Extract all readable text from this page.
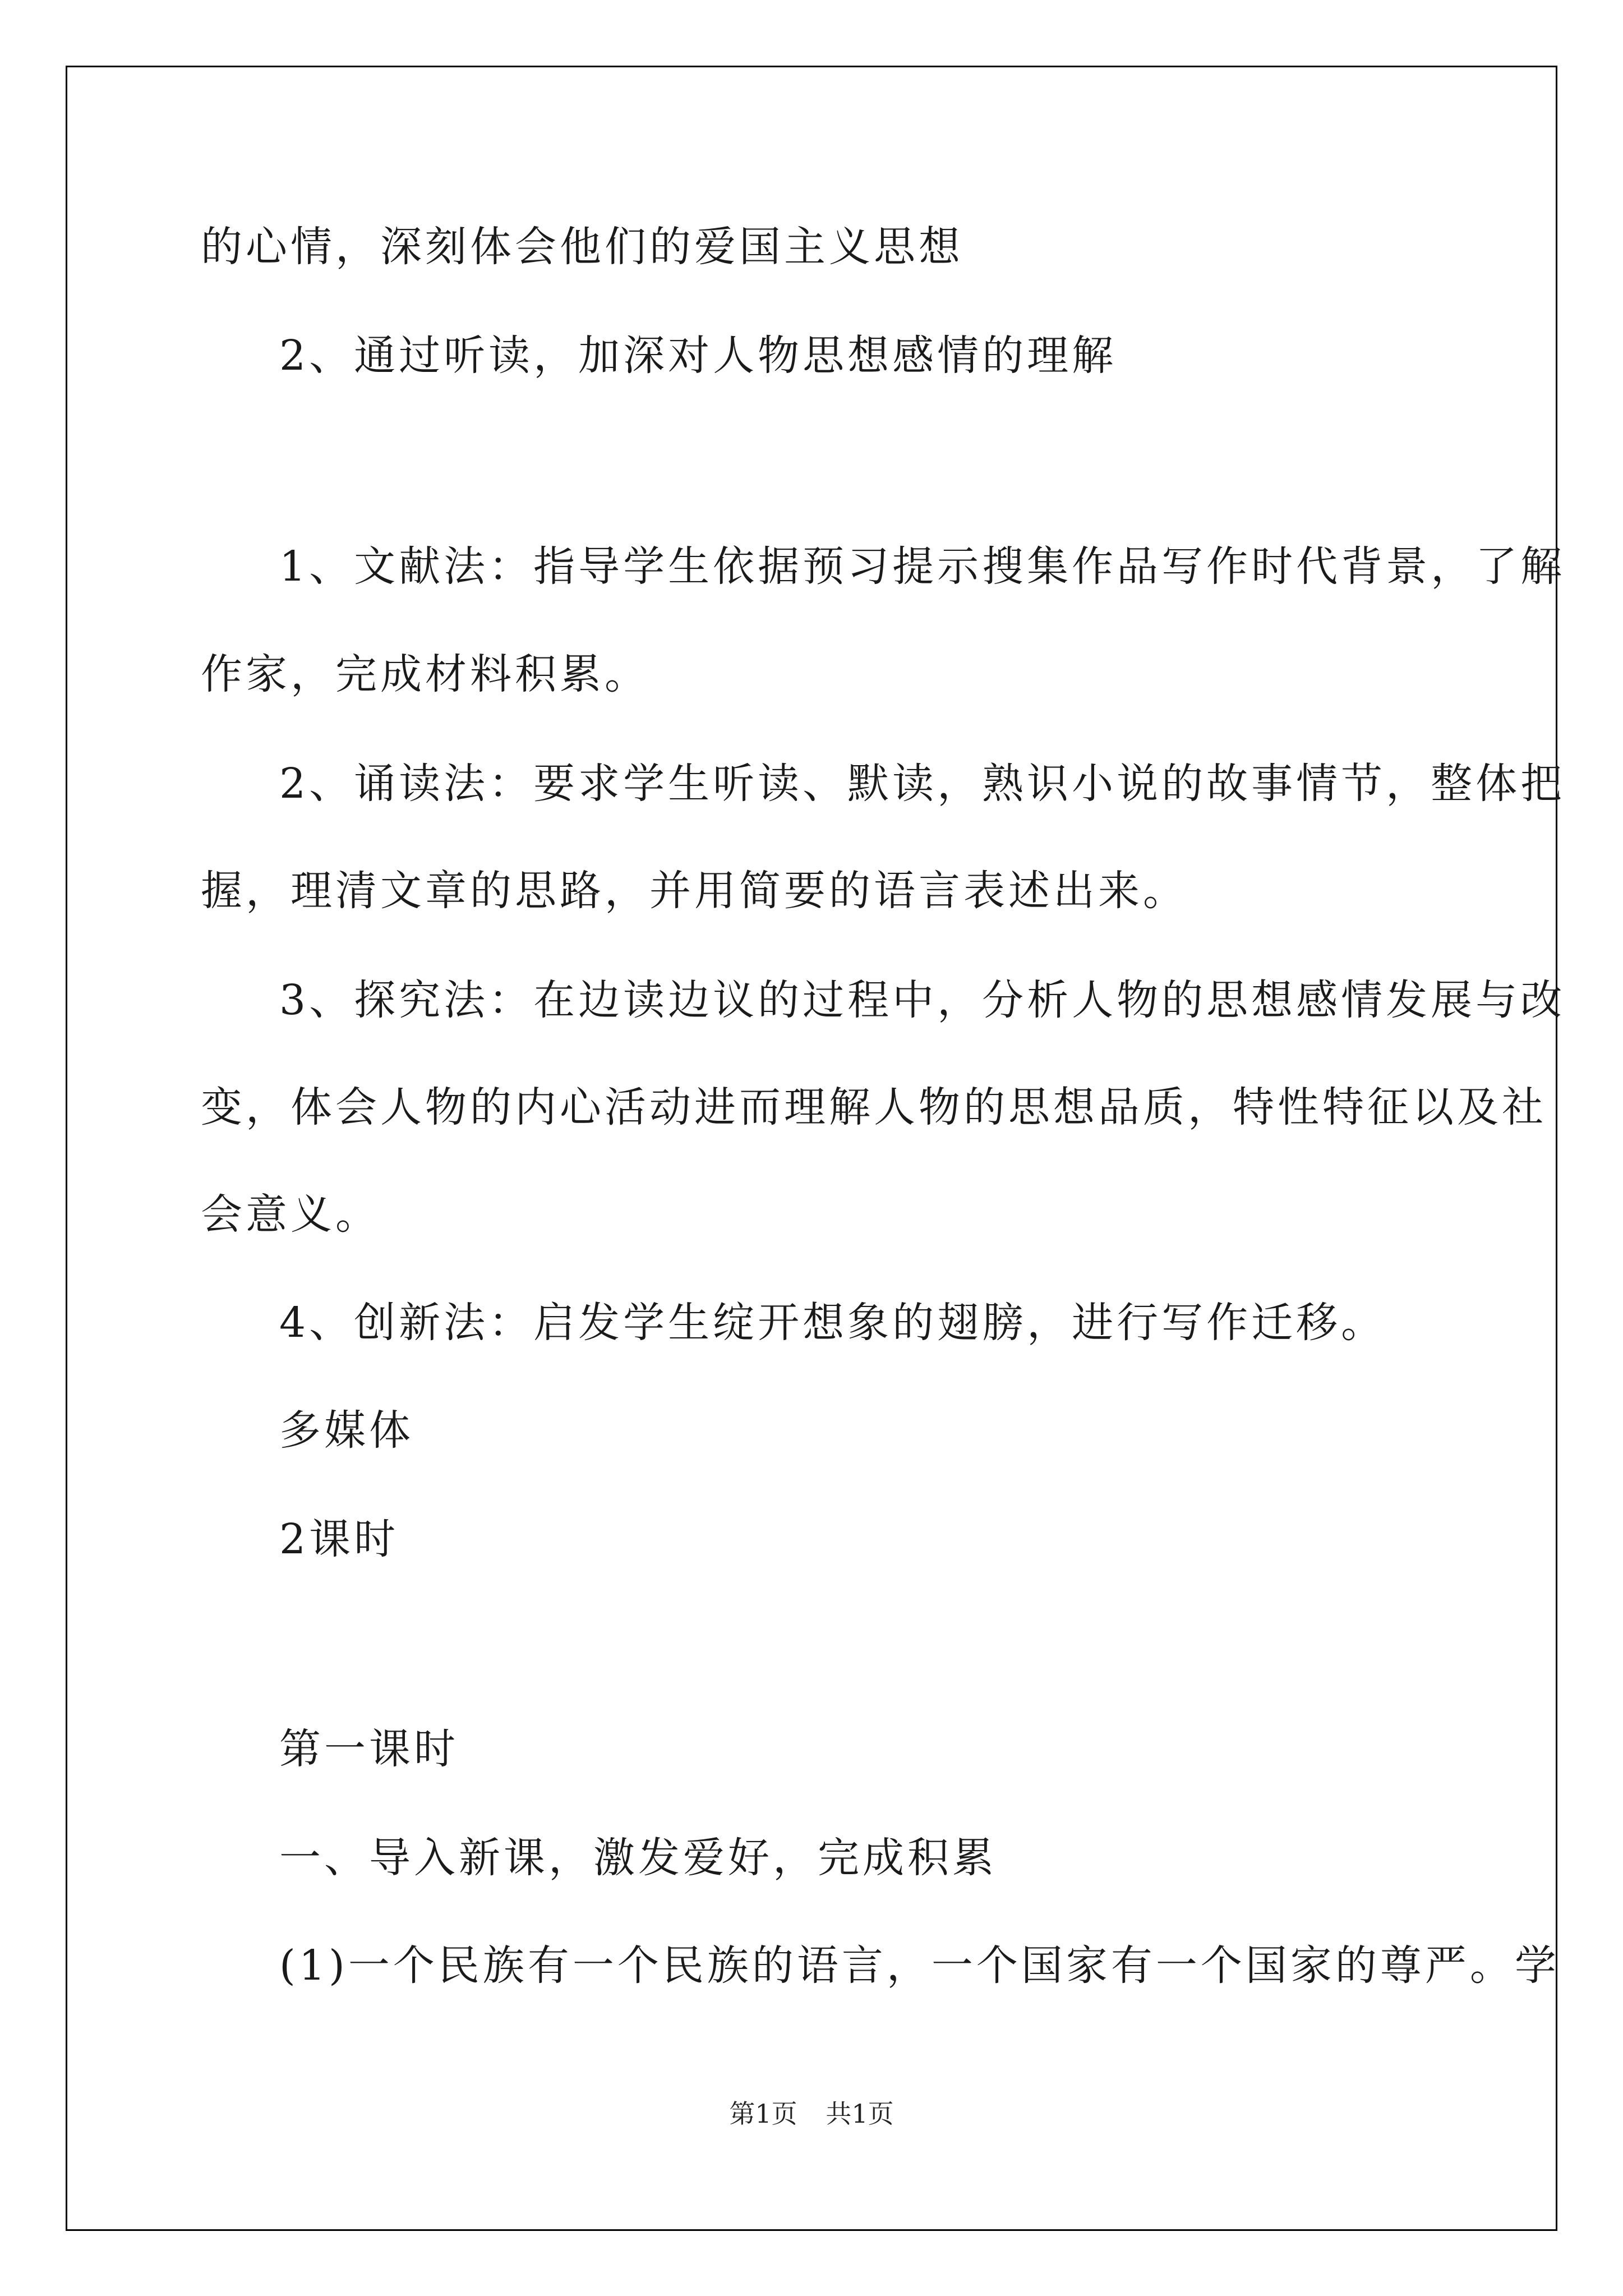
的心情，深刻体会他们的爱国主义思想
2、通过听读，加深对人物思想感情的理解
1、文献法：指导学生依据预习提示搜集作品写作时代背景，了解
作家，完成材料积累。
2、诵读法：要求学生听读、默读，熟识小说的故事情节，整体把
握，理清文章的思路，并用简要的语言表述出来。
3、探究法：在边读边议的过程中，分析人物的思想感情发展与改
变，体会人物的内心活动进而理解人物的思想品质，特性特征以及社
会意义。
4、创新法：启发学生绽开想象的翅膀，进行写作迁移。
多媒体
2课时
第一课时
一、导入新课，激发爱好，完成积累
(1)一个民族有一个民族的语言，一个国家有一个国家的尊严。学
第1页 共1页
